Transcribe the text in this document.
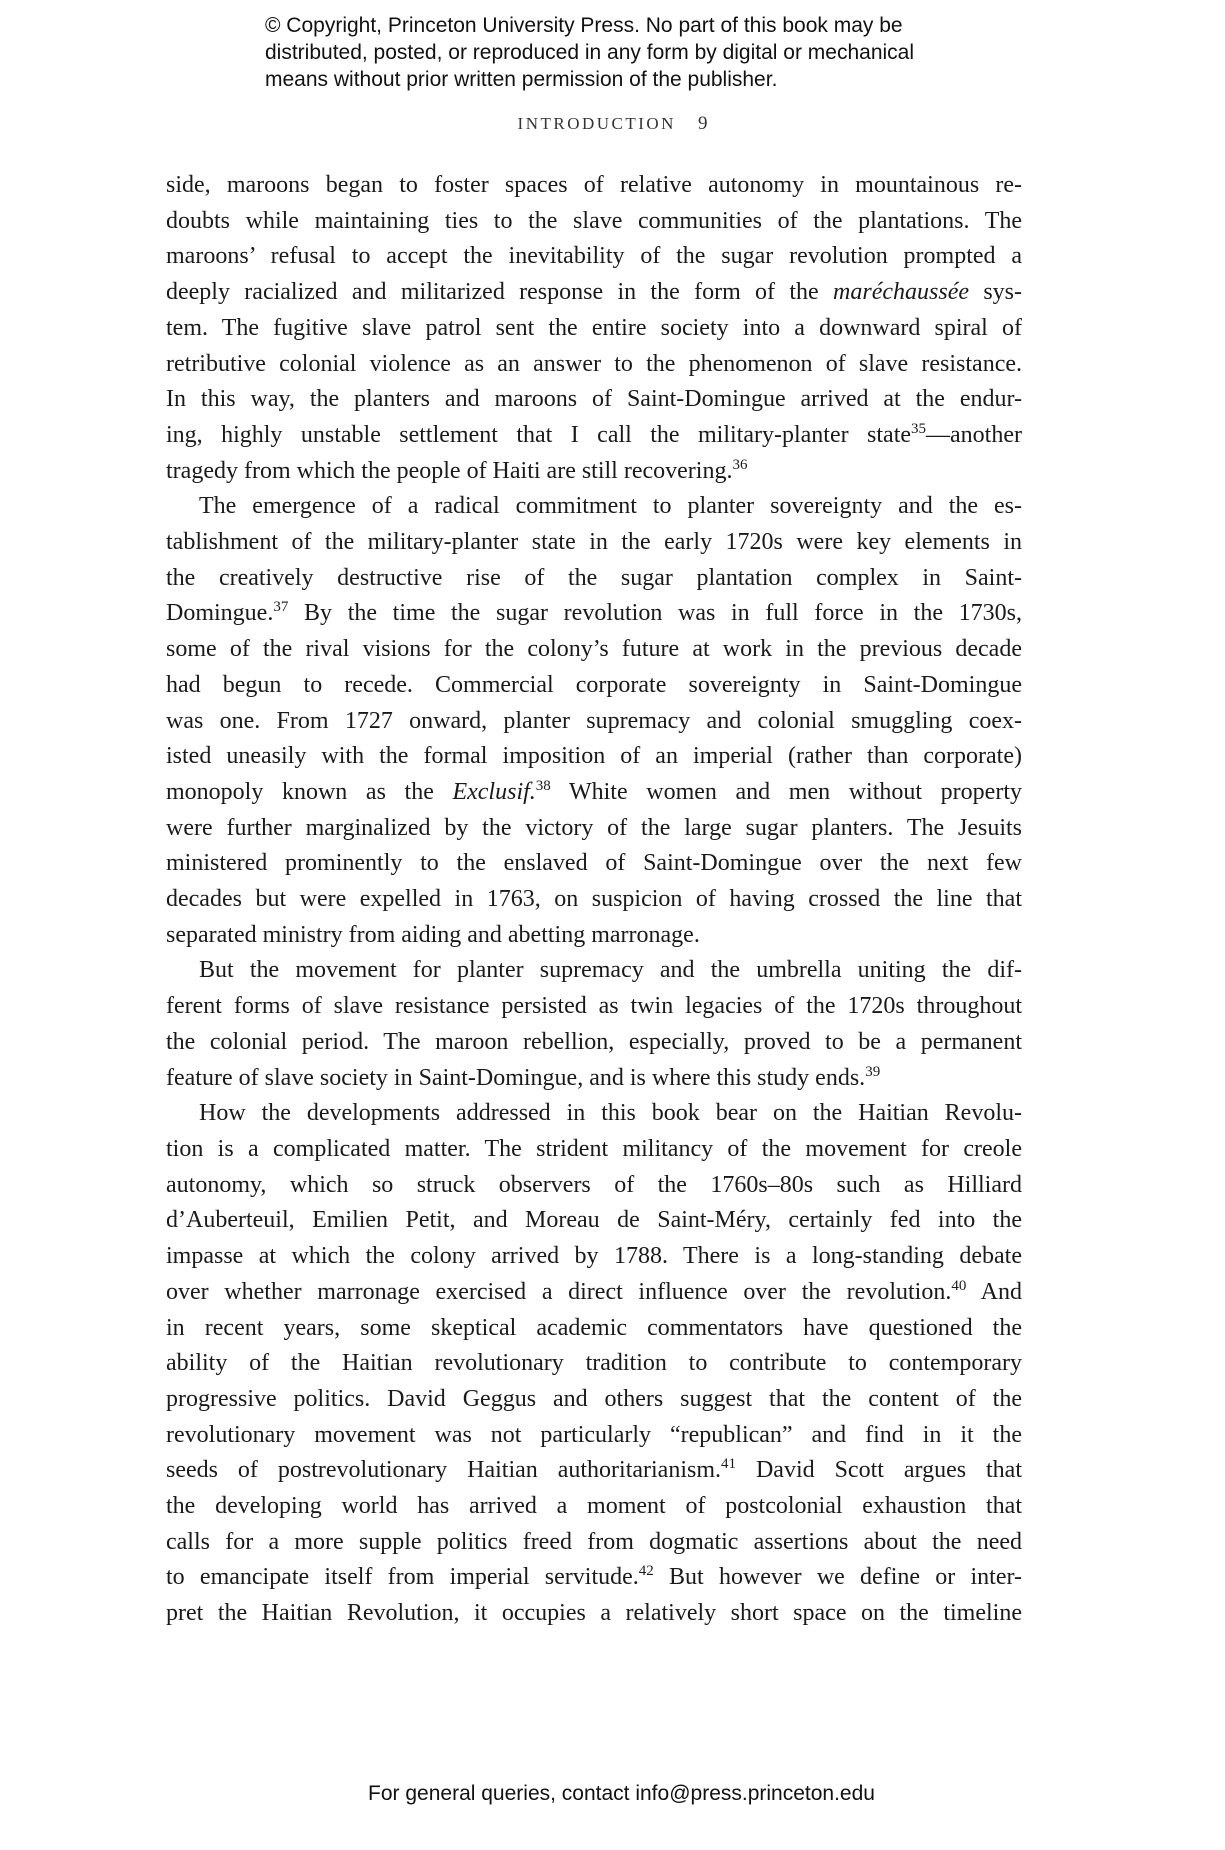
© Copyright, Princeton University Press. No part of this book may be
distributed, posted, or reproduced in any form by digital or mechanical
means without prior written permission of the publisher.
INTRODUCTION 9
side, maroons began to foster spaces of relative autonomy in mountainous re-
doubts while maintaining ties to the slave communities of the plantations. The
maroons’ refusal to accept the inevitability of the sugar revolution prompted a
deeply racialized and militarized response in the form of the maréchaussée sys-
tem. The fugitive slave patrol sent the entire society into a downward spiral of
retributive colonial violence as an answer to the phenomenon of slave resistance.
In this way, the planters and maroons of Saint-Domingue arrived at the endur-
ing, highly unstable settlement that I call the military-planter state$^{35}$—another
tragedy from which the people of Haiti are still recovering.$^{36}$
The emergence of a radical commitment to planter sovereignty and the es-
tablishment of the military-planter state in the early 1720s were key elements in
the creatively destructive rise of the sugar plantation complex in Saint-
Domingue.$^{37}$ By the time the sugar revolution was in full force in the 1730s,
some of the rival visions for the colony’s future at work in the previous decade
had begun to recede. Commercial corporate sovereignty in Saint-Domingue
was one. From 1727 onward, planter supremacy and colonial smuggling coex-
isted uneasily with the formal imposition of an imperial (rather than corporate)
monopoly known as the Exclusif.$^{38}$ White women and men without property
were further marginalized by the victory of the large sugar planters. The Jesuits
ministered prominently to the enslaved of Saint-Domingue over the next few
decades but were expelled in 1763, on suspicion of having crossed the line that
separated ministry from aiding and abetting marronage.
But the movement for planter supremacy and the umbrella uniting the dif-
ferent forms of slave resistance persisted as twin legacies of the 1720s throughout
the colonial period. The maroon rebellion, especially, proved to be a permanent
feature of slave society in Saint-Domingue, and is where this study ends.$^{39}$
How the developments addressed in this book bear on the Haitian Revolu-
tion is a complicated matter. The strident militancy of the movement for creole
autonomy, which so struck observers of the 1760s–80s such as Hilliard
d’Auberteuil, Emilien Petit, and Moreau de Saint-Méry, certainly fed into the
impasse at which the colony arrived by 1788. There is a long-standing debate
over whether marronage exercised a direct influence over the revolution.$^{40}$ And
in recent years, some skeptical academic commentators have questioned the
ability of the Haitian revolutionary tradition to contribute to contemporary
progressive politics. David Geggus and others suggest that the content of the
revolutionary movement was not particularly “republican” and find in it the
seeds of postrevolutionary Haitian authoritarianism.$^{41}$ David Scott argues that
the developing world has arrived a moment of postcolonial exhaustion that
calls for a more supple politics freed from dogmatic assertions about the need
to emancipate itself from imperial servitude.$^{42}$ But however we define or inter-
pret the Haitian Revolution, it occupies a relatively short space on the timeline
For general queries, contact info@press.princeton.edu
